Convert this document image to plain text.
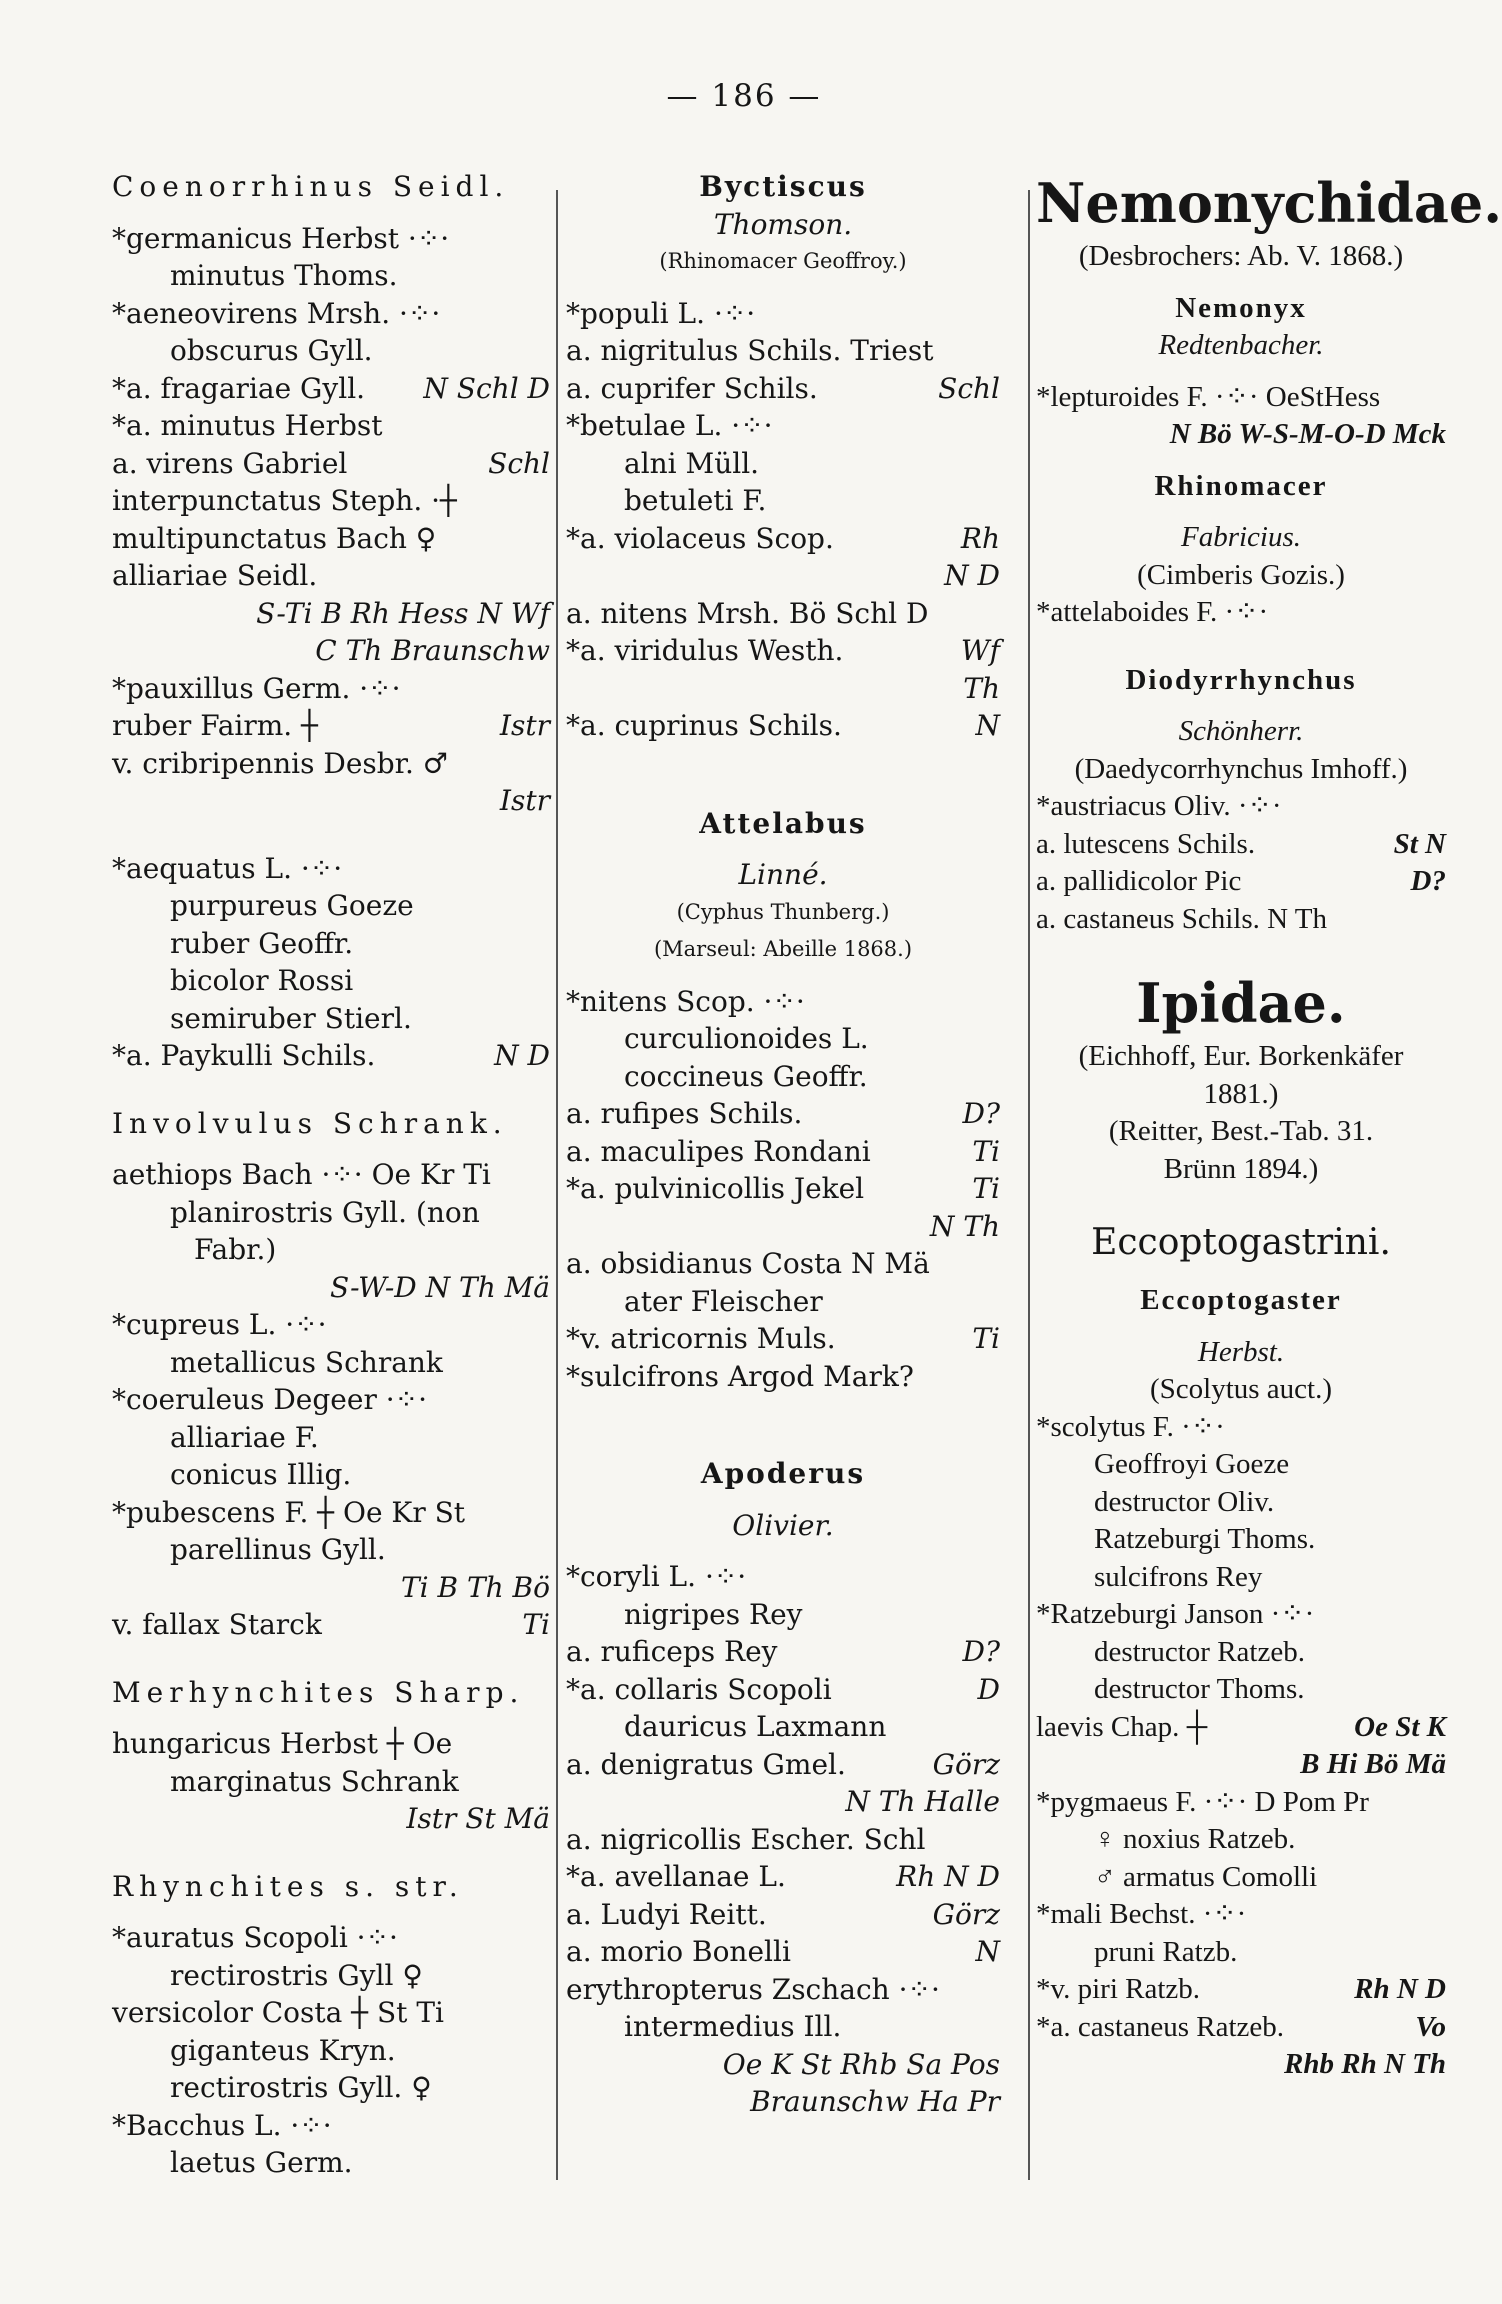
— 186 —
Coenorrhinus Seidl.
*germanicus Herbst ·⁘·
minutus Thoms.
*aeneovirens Mrsh. ·⁘·
obscurus Gyll.
*a. fragariae Gyll. N Schl D
*a. minutus Herbst
a. virens Gabriel	Schl
interpunctatus Steph. ·┼
multipunctatus Bach ♀
alliariae Seidl.
S-Ti B Rh Hess N Wf
C Th Braunschw
*pauxillus Germ. ·⁘·
ruber Fairm. ┼	Istr
v. cribripennis Desbr. ♂
Istr
*aequatus L. ·⁘·
purpureus Goeze
ruber Geoffr.
bicolor Rossi
semiruber Stierl.
*a. Paykulli Schils.	N D
Involvulus Schrank.
aethiops Bach ·⁘· Oe Kr Ti
planirostris Gyll. (non
Fabr.)
S-W-D N Th Mä
*cupreus L. ·⁘·
metallicus Schrank
*coeruleus Degeer ·⁘·
alliariae F.
conicus Illig.
*pubescens F. ┼ Oe Kr St
parellinus Gyll.
Ti B Th Bö
v. fallax Starck	Ti
Merhynchites Sharp.
hungaricus Herbst ┼ Oe
marginatus Schrank
Istr St Mä
Rhynchites s. str.
*auratus Scopoli ·⁘·
rectirostris Gyll ♀
versicolor Costa ┼ St Ti
giganteus Kryn.
rectirostris Gyll. ♀
*Bacchus L. ·⁘·
laetus Germ.
Byctiscus
Thomson.
(Rhinomacer Geoffroy.)
*populi L. ·⁘·
a. nigritulus Schils. Triest
a. cuprifer Schils.	Schl
*betulae L. ·⁘·
alni Müll.
betuleti F.
*a. violaceus Scop.	Rh
N D
a. nitens Mrsh. Bö Schl D
*a. viridulus Westh.	Wf
Th
*a. cuprinus Schils.	N
Attelabus
Linné.
(Cyphus Thunberg.)
(Marseul: Abeille 1868.)
*nitens Scop. ·⁘·
curculionoides L.
coccineus Geoffr.
a. rufipes Schils.	D?
a. maculipes Rondani	Ti
*a. pulvinicollis Jekel	Ti
N Th
a. obsidianus Costa N Mä
ater Fleischer
*v. atricornis Muls.	Ti
*sulcifrons Argod Mark?
Apoderus
Olivier.
*coryli L. ·⁘·
nigripes Rey
a. ruficeps Rey	D?
*a. collaris Scopoli	D
dauricus Laxmann
a. denigratus Gmel.	Görz
N Th Halle
a. nigricollis Escher. Schl
*a. avellanae L.	Rh N D
a. Ludyi Reitt.	Görz
a. morio Bonelli	N
erythropterus Zschach ·⁘·
intermedius Ill.
Oe K St Rhb Sa Pos
Braunschw Ha Pr
Nemonychidae.
(Desbrochers: Ab. V. 1868.)
Nemonyx
Redtenbacher.
*lepturoides F. ·⁘· OeStHess
N Bö W-S-M-O-D Mck
Rhinomacer
Fabricius.
(Cimberis Gozis.)
*attelaboides F. ·⁘·
Diodyrrhynchus
Schönherr.
(Daedycorrhynchus Imhoff.)
*austriacus Oliv. ·⁘·
a. lutescens Schils.	St N
a. pallidicolor Pic	D?
a. castaneus Schils. N Th
Ipidae.
(Eichhoff, Eur. Borkenkäfer
1881.)
(Reitter, Best.-Tab. 31.
Brünn 1894.)
Eccoptogastrini.
Eccoptogaster
Herbst.
(Scolytus auct.)
*scolytus F. ·⁘·
Geoffroyi Goeze
destructor Oliv.
Ratzeburgi Thoms.
sulcifrons Rey
*Ratzeburgi Janson ·⁘·
destructor Ratzeb.
destructor Thoms.
laevis Chap. ┼	Oe St K
B Hi Bö Mä
*pygmaeus F. ·⁘· D Pom Pr
♀ noxius Ratzeb.
♂ armatus Comolli
*mali Bechst. ·⁘·
pruni Ratzb.
*v. piri Ratzb.	Rh N D
*a. castaneus Ratzeb.	Vo
Rhb Rh N Th
